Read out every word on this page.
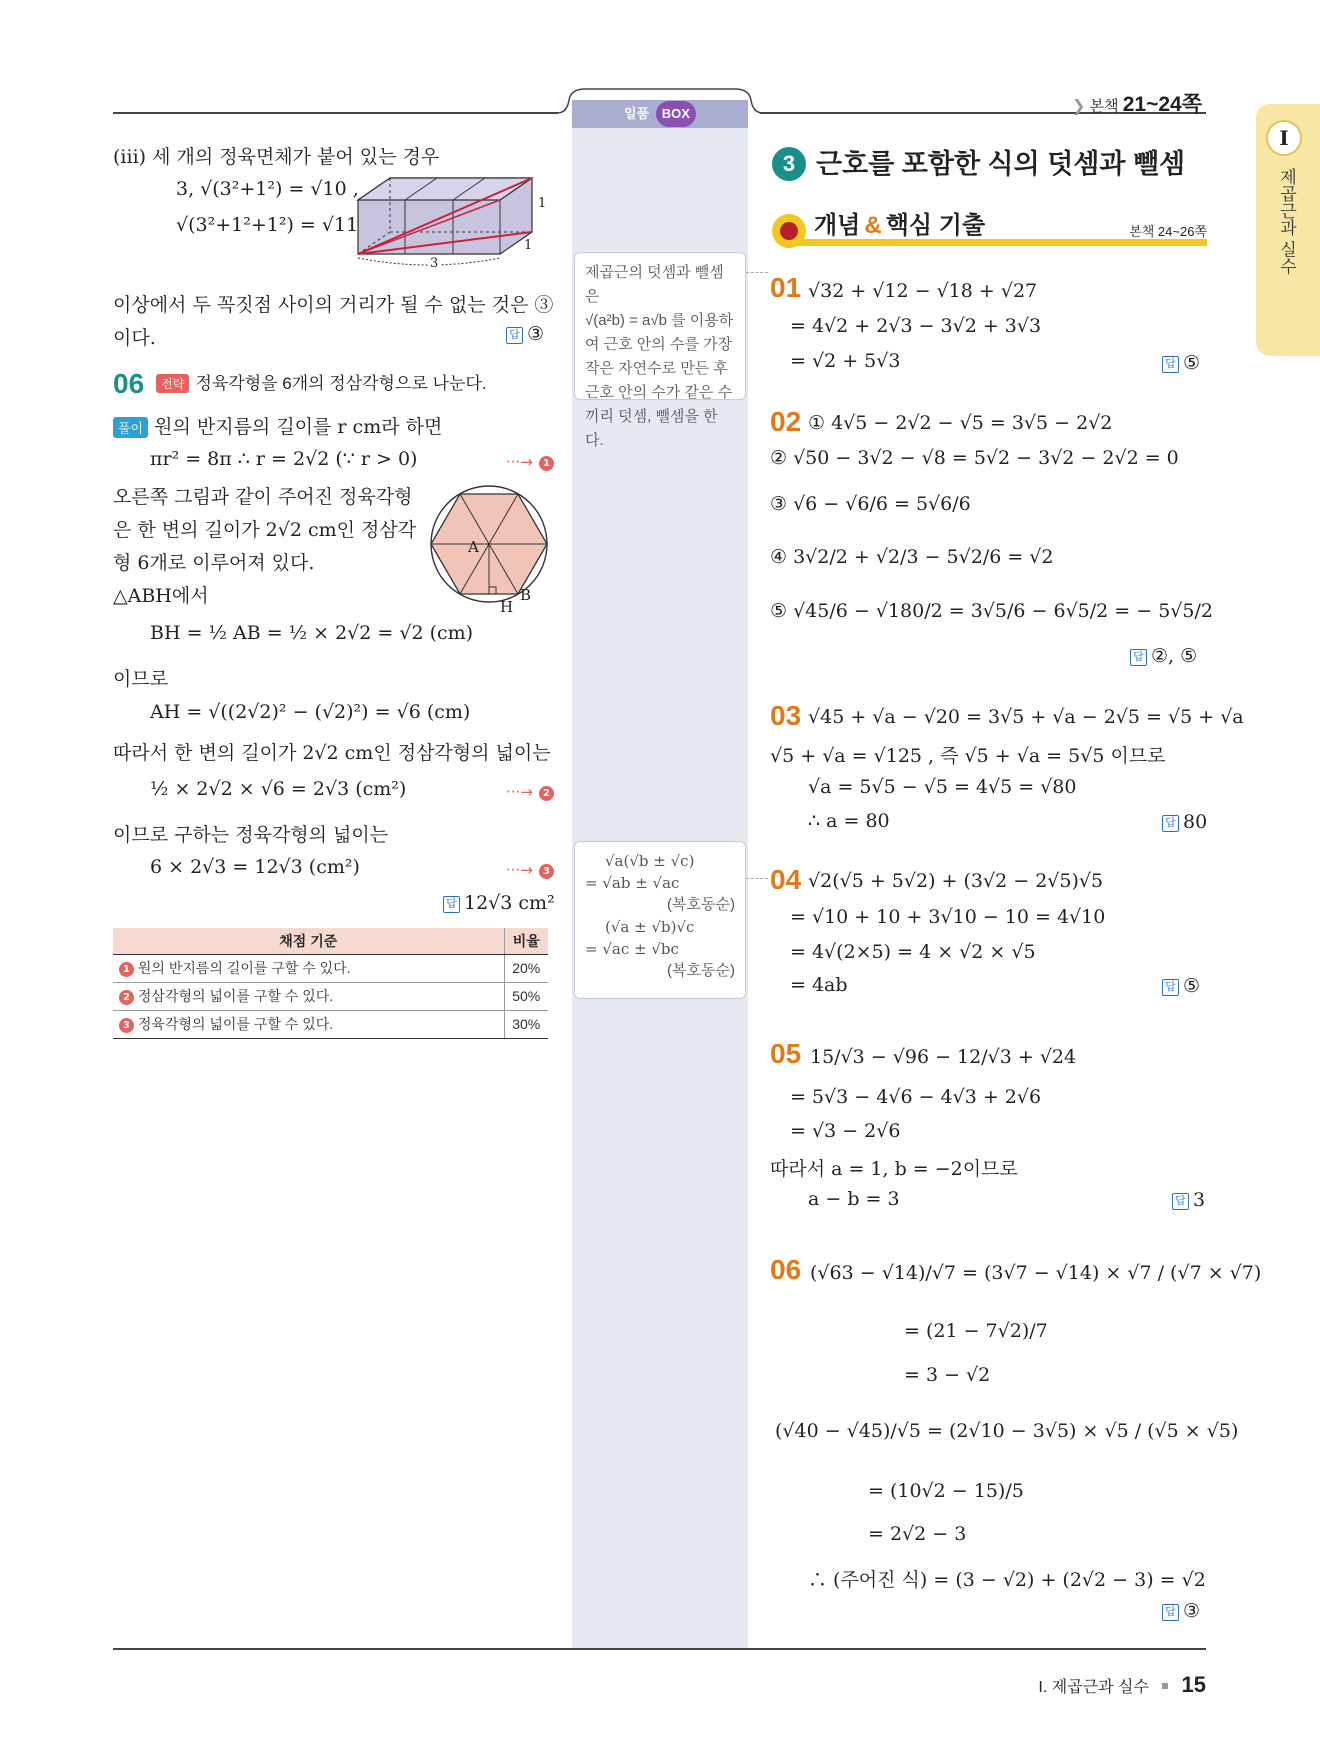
❯ 본책 21~24쪽
일품 BOX
제곱근의 덧셈과 뺄셈은
√(a²b) = a√b 를 이용하
여 근호 안의 수를 가장
작은 자연수로 만든 후
근호 안의 수가 같은 수
끼리 덧셈, 뺄셈을 한다.
√a(√b ± √c)
= √ab ± √ac
(복호동순)
(√a ± √b)√c
= √ac ± √bc
(복호동순)
(iii) 세 개의 정육면체가 붙어 있는 경우
3, √(3²+1²) = √10 ,
√(3²+1²+1²) = √11
1
1
3
이상에서 두 꼭짓점 사이의 거리가 될 수 없는 것은 ③
이다.	답 ③
06 전략 정육각형을 6개의 정삼각형으로 나눈다.
풀이 원의 반지름의 길이를 r cm라 하면
πr² = 8π ∴ r = 2√2 (∵ r > 0)	···→ 1
오른쪽 그림과 같이 주어진 정육각형
은 한 변의 길이가 2√2 cm인 정삼각
형 6개로 이루어져 있다.
A
B
H
△ABH에서
BH = ½ AB = ½ × 2√2 = √2 (cm)
이므로
AH = √((2√2)² − (√2)²) = √6 (cm)
따라서 한 변의 길이가 2√2 cm인 정삼각형의 넓이는
½ × 2√2 × √6 = 2√3 (cm²)	···→ 2
이므로 구하는 정육각형의 넓이는
6 × 2√3 = 12√3 (cm²)	···→ 3
답 12√3 cm²
채점 기준	비율
1 원의 반지름의 길이를 구할 수 있다.	20%
2 정삼각형의 넓이를 구할 수 있다.	50%
3 정육각형의 넓이를 구할 수 있다.	30%
3 근호를 포함한 식의 덧셈과 뺄셈
개념 & 핵심 기출	본책 24~26쪽
01 √32 + √12 − √18 + √27
= 4√2 + 2√3 − 3√2 + 3√3
= √2 + 5√3	답 ⑤
02 ① 4√5 − 2√2 − √5 = 3√5 − 2√2
② √50 − 3√2 − √8 = 5√2 − 3√2 − 2√2 = 0
③ √6 − √6/6 = 5√6/6
④ 3√2/2 + √2/3 − 5√2/6 = √2
⑤ √45/6 − √180/2 = 3√5/6 − 6√5/2 = − 5√5/2
답 ②, ⑤
03 √45 + √a − √20 = 3√5 + √a − 2√5 = √5 + √a
√5 + √a = √125 , 즉 √5 + √a = 5√5 이므로
√a = 5√5 − √5 = 4√5 = √80
∴ a = 80	답 80
04 √2(√5 + 5√2) + (3√2 − 2√5)√5
= √10 + 10 + 3√10 − 10 = 4√10
= 4√(2×5) = 4 × √2 × √5
= 4ab	답 ⑤
05 15/√3 − √96 − 12/√3 + √24
= 5√3 − 4√6 − 4√3 + 2√6
= √3 − 2√6
따라서 a = 1, b = −2이므로
a − b = 3	답 3
06 (√63 − √14)/√7 = (3√7 − √14) × √7 / (√7 × √7)
= (21 − 7√2)/7
= 3 − √2
(√40 − √45)/√5 = (2√10 − 3√5) × √5 / (√5 × √5)
= (10√2 − 15)/5
= 2√2 − 3
∴ (주어진 식) = (3 − √2) + (2√2 − 3) = √2
답 ③
I
제곱근과 실수
I. 제곱근과 실수 15
